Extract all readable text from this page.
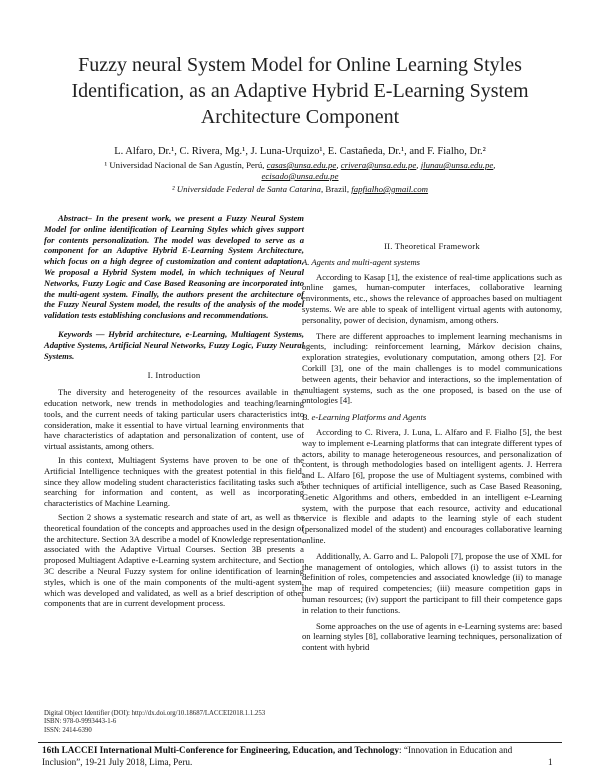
Fuzzy neural System Model for Online Learning Styles Identification, as an Adaptive Hybrid E-Learning System Architecture Component
L. Alfaro, Dr.¹, C. Rivera, Mg.¹, J. Luna-Urquizo¹, E. Castañeda, Dr.¹, and F. Fialho, Dr.²
¹ Universidad Nacional de San Agustín, Perú, casas@unsa.edu.pe, crivera@unsa.edu.pe, jlunau@unsa.edu.pe,
ecisado@unsa.edu.pe
² Universidade Federal de Santa Catarina, Brazil, fapfialho@gmail.com

Abstract– In the present work, we present a Fuzzy Neural System Model for online identification of Learning Styles which gives support for contents personalization. The model was developed to serve as a component for an Adaptive Hybrid E-Learning System Architecture, which focus on a high degree of customization and content adaptation. We proposal a Hybrid System model, in which techniques of Neural Networks, Fuzzy Logic and Case Based Reasoning are incorporated into the multi-agent system. Finally, the authors present the architecture of the Fuzzy Neural System model, the results of the analysis of the model validation tests establishing conclusions and recommendations.

Keywords — Hybrid architecture, e-Learning, Multiagent Systems, Adaptive Systems, Artificial Neural Networks, Fuzzy Logic, Fuzzy Neural Systems.

I. Introduction

The diversity and heterogeneity of the resources available in the education network, new trends in methodologies and teaching/learning tools, and the current needs of taking particular users characteristics into consideration, make it essential to have virtual learning environments that have characteristics of adaptation and personalization of content, use of virtual assistants, among others.

In this context, Multiagent Systems have proven to be one of the Artificial Intelligence techniques with the greatest potential in this field, since they allow modeling student characteristics facilitating tasks such as searching for information and content, as well as incorporating characteristics of Machine Learning.

Section 2 shows a systematic research and state of art, as well as the theoretical foundation of the concepts and approaches used in the design of the architecture. Section 3A describe a model of Knowledge representation, associated with the Adaptive Virtual Courses. Section 3B presents a proposed Multiagent Adaptive e-Learning system architecture, and Section 3C describe a Neural Fuzzy system for online identification of learning styles, which is one of the main components of the multi-agent system, which was developed and validated, as well as a brief description of other components that are in current development process.

Digital Object Identifier (DOI): http://dx.doi.org/10.18687/LACCEI2018.1.1.253
ISBN: 978-0-9993443-1-6
ISSN: 2414-6390

II. Theoretical Framework

A. Agents and multi-agent systems

According to Kasap [1], the existence of real-time applications such as online games, human-computer interfaces, collaborative learning environments, etc., shows the relevance of approaches based on multiagent systems. We are able to speak of intelligent virtual agents with autonomy, personality, power of decision, dynamism, among others.

There are different approaches to implement learning mechanisms in agents, including: reinforcement learning, Márkov decision chains, exploration strategies, evolutionary computation, among others [2]. For Corkill [3], one of the main challenges is to model communications between agents, their behavior and interactions, so the implementation of multiagent systems, such as the one proposed, is based on the use of ontologies [4].

B. e-Learning Platforms and Agents

According to C. Rivera, J. Luna, L. Alfaro and F. Fialho [5], the best way to implement e-Learning platforms that can integrate different types of actors, ability to manage heterogeneous resources, and personalization of content, is through methodologies based on intelligent agents. J. Herrera and L. Alfaro [6], propose the use of Multiagent systems, combined with other techniques of artificial intelligence, such as Case Based Reasoning, Genetic Algorithms and others, embedded in an intelligent e-Learning system, with the purpose that each resource, activity and educational service is flexible and adapts to the learning style of each student (personalized model of the student) and encourages collaborative learning online.

Additionally, A. Garro and L. Palopoli [7], propose the use of XML for the management of ontologies, which allows (i) to assist tutors in the definition of roles, competencies and associated knowledge (ii) to manage the map of required competencies; (iii) measure competition gaps in human resources; (iv) support the participant to fill their competence gaps in relation to their functions.

Some approaches on the use of agents in e-Learning systems are: based on learning styles [8], collaborative learning techniques, personalization of content with hybrid

16th LACCEI International Multi-Conference for Engineering, Education, and Technology: “Innovation in Education and Inclusion”, 19-21 July 2018, Lima, Peru.	1
